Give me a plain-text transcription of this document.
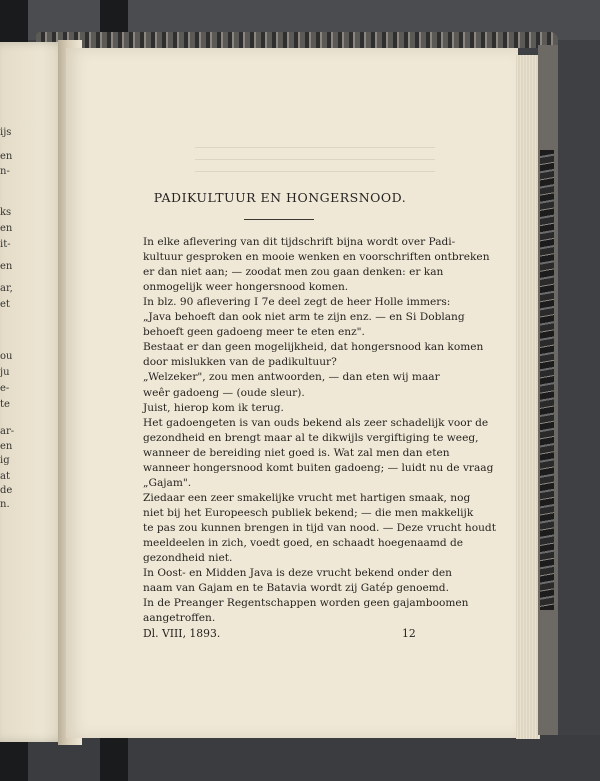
ijs
en
n-
ks
en
it-
en
ar,
et
ou
ju
e-
te
ar-
en
ig
at
de
n.
PADIKULTUUR EN HONGERSNOOD.
In elke aflevering van dit tijdschrift bijna wordt over Padi-
kultuur gesproken en mooie wenken en voorschriften ontbreken
er dan niet aan; — zoodat men zou gaan denken: er kan
onmogelijk weer hongersnood komen.
In blz. 90 aflevering I 7e deel zegt de heer Holle immers:
„Java behoeft dan ook niet arm te zijn enz. — en Si Doblang
behoeft geen gadoeng meer te eten enz".
Bestaat er dan geen mogelijkheid, dat hongersnood kan komen
door mislukken van de padikultuur?
„Welzeker", zou men antwoorden, — dan eten wij maar
weêr gadoeng — (oude sleur).
Juist, hierop kom ik terug.
Het gadoengeten is van ouds bekend als zeer schadelijk voor de
gezondheid en brengt maar al te dikwijls vergiftiging te weeg,
wanneer de bereiding niet goed is. Wat zal men dan eten
wanneer hongersnood komt buiten gadoeng; — luidt nu de vraag
„Gajam".
Ziedaar een zeer smakelijke vrucht met hartigen smaak, nog
niet bij het Europeesch publiek bekend; — die men makkelijk
te pas zou kunnen brengen in tijd van nood. — Deze vrucht houdt
meeldeelen in zich, voedt goed, en schaadt hoegenaamd de
gezondheid niet.
In Oost- en Midden Java is deze vrucht bekend onder den
naam van Gajam en te Batavia wordt zij Gatép genoemd.
In de Preanger Regentschappen worden geen gajamboomen
aangetroffen.
Dl. VIII, 1893.	12
